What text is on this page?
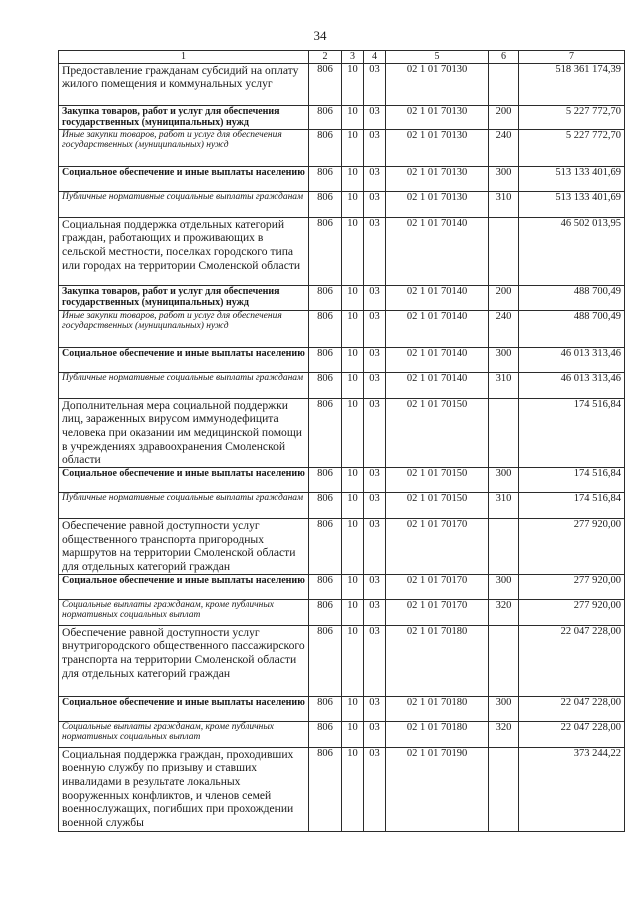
34
1	2	3	4	5	6	7
Предоставление гражданам субсидий на оплату жилого помещения и коммунальных услуг	806	10	03	02 1 01 70130		518 361 174,39
Закупка товаров, работ и услуг для обеспечения государственных (муниципальных) нужд	806	10	03	02 1 01 70130	200	5 227 772,70
Иные закупки товаров, работ и услуг для обеспечения государственных (муниципальных) нужд	806	10	03	02 1 01 70130	240	5 227 772,70
Социальное обеспечение и иные выплаты населению	806	10	03	02 1 01 70130	300	513 133 401,69
Публичные нормативные социальные выплаты гражданам	806	10	03	02 1 01 70130	310	513 133 401,69
Социальная поддержка отдельных категорий граждан, работающих и проживающих в сельской местности, поселках городского типа или городах на территории Смоленской области	806	10	03	02 1 01 70140		46 502 013,95
Закупка товаров, работ и услуг для обеспечения государственных (муниципальных) нужд	806	10	03	02 1 01 70140	200	488 700,49
Иные закупки товаров, работ и услуг для обеспечения государственных (муниципальных) нужд	806	10	03	02 1 01 70140	240	488 700,49
Социальное обеспечение и иные выплаты населению	806	10	03	02 1 01 70140	300	46 013 313,46
Публичные нормативные социальные выплаты гражданам	806	10	03	02 1 01 70140	310	46 013 313,46
Дополнительная мера социальной поддержки лиц, зараженных вирусом иммунодефицита человека при оказании им медицинской помощи в учреждениях здравоохранения Смоленской области	806	10	03	02 1 01 70150		174 516,84
Социальное обеспечение и иные выплаты населению	806	10	03	02 1 01 70150	300	174 516,84
Публичные нормативные социальные выплаты гражданам	806	10	03	02 1 01 70150	310	174 516,84
Обеспечение равной доступности услуг общественного транспорта пригородных маршрутов на территории Смоленской области для отдельных категорий граждан	806	10	03	02 1 01 70170		277 920,00
Социальное обеспечение и иные выплаты населению	806	10	03	02 1 01 70170	300	277 920,00
Социальные выплаты гражданам, кроме публичных нормативных социальных выплат	806	10	03	02 1 01 70170	320	277 920,00
Обеспечение равной доступности услуг внутригородского общественного пассажирского транспорта на территории Смоленской области для отдельных категорий граждан	806	10	03	02 1 01 70180		22 047 228,00
Социальное обеспечение и иные выплаты населению	806	10	03	02 1 01 70180	300	22 047 228,00
Социальные выплаты гражданам, кроме публичных нормативных социальных выплат	806	10	03	02 1 01 70180	320	22 047 228,00
Социальная поддержка граждан, проходивших военную службу по призыву и ставших инвалидами в результате локальных вооруженных конфликтов, и членов семей военнослужащих, погибших при прохождении военной службы	806	10	03	02 1 01 70190		373 244,22
